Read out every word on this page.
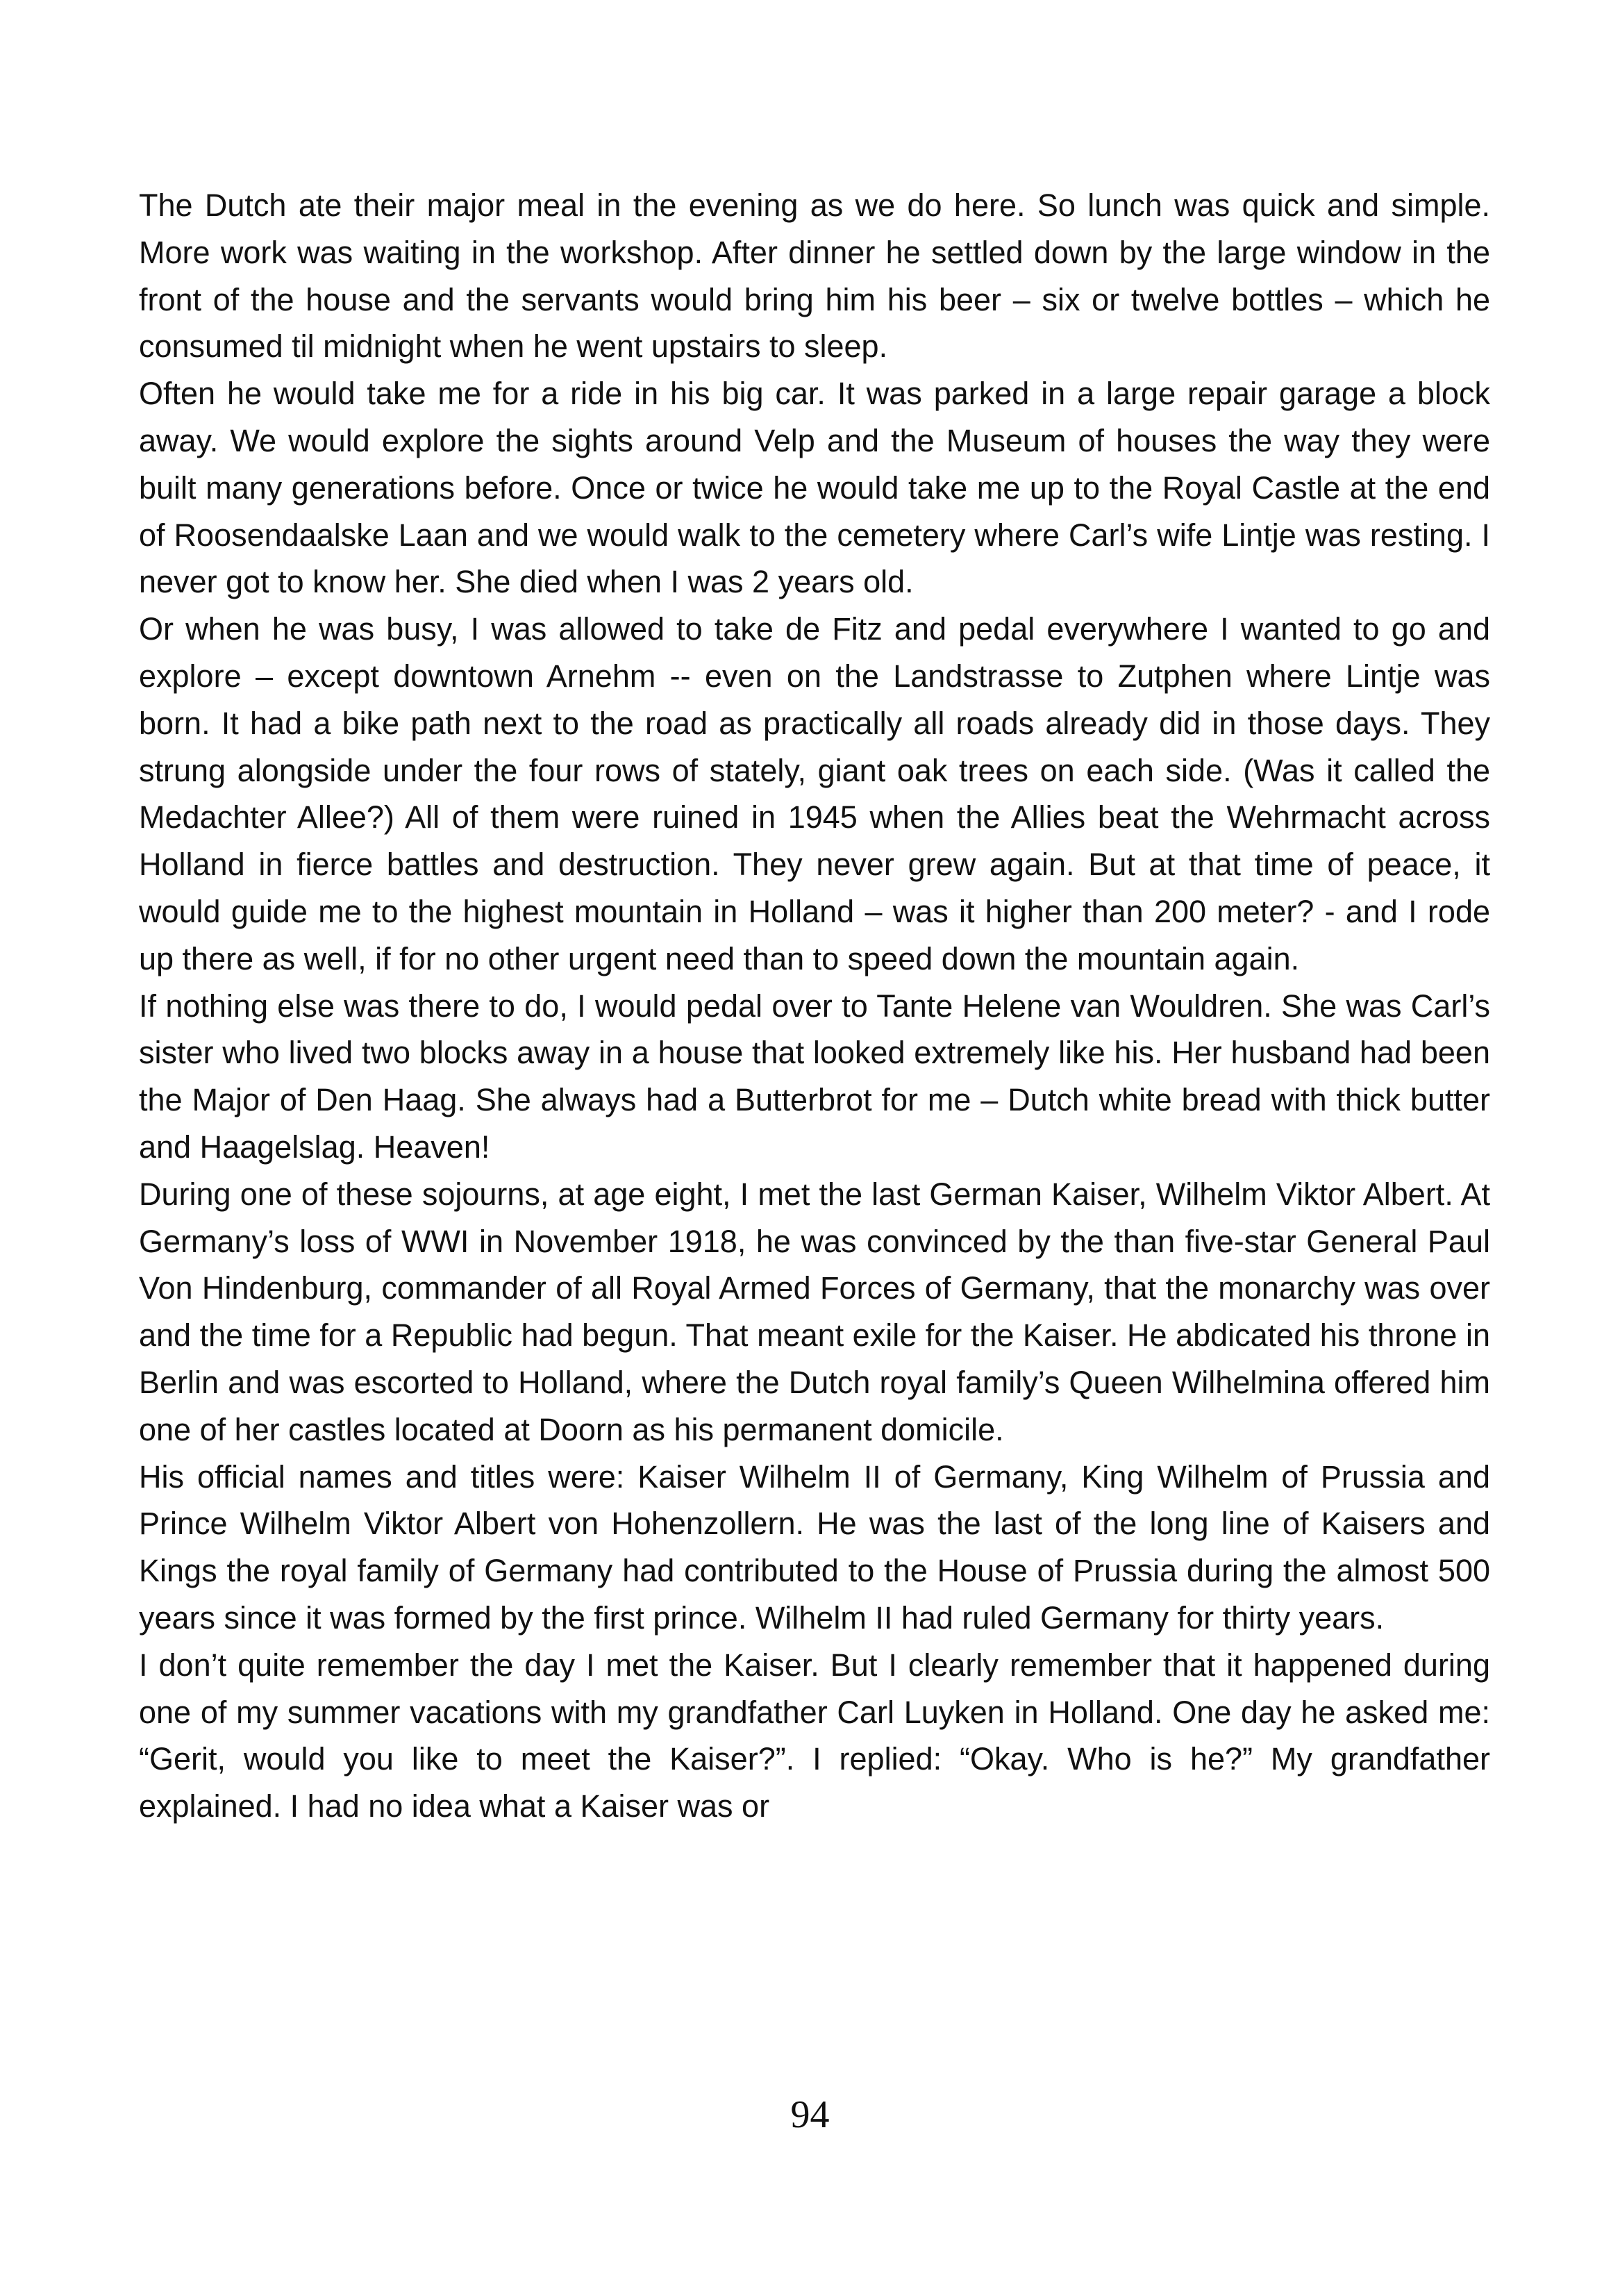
The Dutch ate their major meal in the evening as we do here. So lunch was quick and simple. More work was waiting in the workshop. After dinner he settled down by the large window in the front of the house and the servants would bring him his beer – six or twelve bottles – which he consumed til midnight when he went upstairs to sleep.

Often he would take me for a ride in his big car. It was parked in a large repair garage a block away. We would explore the sights around Velp and the Museum of houses the way they were built many generations before. Once or twice he would take me up to the Royal Castle at the end of Roosendaalske Laan and we would walk to the cemetery where Carl’s wife Lintje was resting. I never got to know her. She died when I was 2 years old.

Or when he was busy, I was allowed to take de Fitz and pedal everywhere I wanted to go and explore – except downtown Arnehm -- even on the Landstrasse to Zutphen where Lintje was born. It had a bike path next to the road as practically all roads already did in those days. They strung alongside under the four rows of stately, giant oak trees on each side. (Was it called the Medachter Allee?) All of them were ruined in 1945 when the Allies beat the Wehrmacht across Holland in fierce battles and destruction. They never grew again. But at that time of peace, it would guide me to the highest mountain in Holland – was it higher than 200 meter? - and I rode up there as well, if for no other urgent need than to speed down the mountain again.

If nothing else was there to do, I would pedal over to Tante Helene van Wouldren. She was Carl’s sister who lived two blocks away in a house that looked extremely like his. Her husband had been the Major of Den Haag. She always had a Butterbrot for me – Dutch white bread with thick butter and Haagelslag. Heaven!

During one of these sojourns, at age eight, I met the last German Kaiser, Wilhelm Viktor Albert. At Germany’s loss of WWI in November 1918, he was convinced by the than five-star General Paul Von Hindenburg, commander of all Royal Armed Forces of Germany, that the monarchy was over and the time for a Republic had begun. That meant exile for the Kaiser. He abdicated his throne in Berlin and was escorted to Holland, where the Dutch royal family’s Queen Wilhelmina offered him one of her castles located at Doorn as his permanent domicile.

His official names and titles were: Kaiser Wilhelm II of Germany, King Wilhelm of Prussia and Prince Wilhelm Viktor Albert von Hohenzollern. He was the last of the long line of Kaisers and Kings the royal family of Germany had contributed to the House of Prussia during the almost 500 years since it was formed by the first prince. Wilhelm II had ruled Germany for thirty years.

I don’t quite remember the day I met the Kaiser. But I clearly remember that it happened during one of my summer vacations with my grandfather Carl Luyken in Holland. One day he asked me: “Gerit, would you like to meet the Kaiser?”. I replied: “Okay. Who is he?” My grandfather explained. I had no idea what a Kaiser was or

94
